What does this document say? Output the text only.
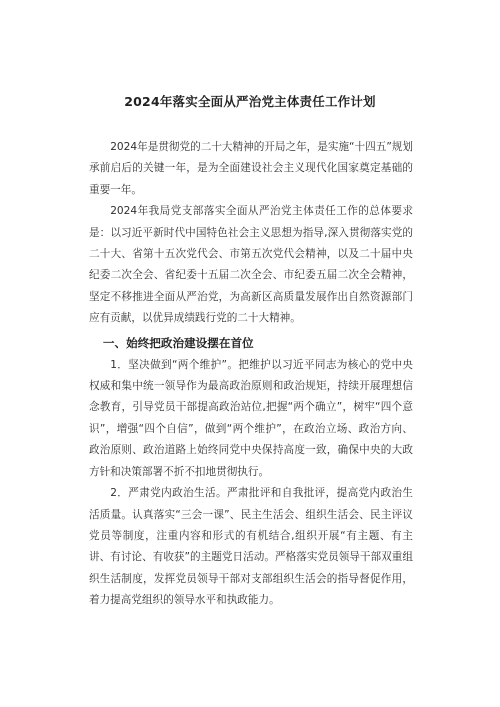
2024年落实全面从严治党主体责任工作计划

2024年是贯彻党的二十大精神的开局之年，是实施“十四五”规划承前启后的关键一年，是为全面建设社会主义现代化国家奠定基础的重要一年。

2024年我局党支部落实全面从严治党主体责任工作的总体要求是：以习近平新时代中国特色社会主义思想为指导,深入贯彻落实党的二十大、省第十五次党代会、市第五次党代会精神，以及二十届中央纪委二次全会、省纪委十五届二次全会、市纪委五届二次全会精神，坚定不移推进全面从严治党，为高新区高质量发展作出自然资源部门应有贡献，以优异成绩践行党的二十大精神。

一、始终把政治建设摆在首位

1．坚决做到“两个维护”。把维护以习近平同志为核心的党中央权威和集中统一领导作为最高政治原则和政治规矩，持续开展理想信念教育，引导党员干部提高政治站位,把握“两个确立”，树牢“四个意识”，增强“四个自信”，做到“两个维护”，在政治立场、政治方向、政治原则、政治道路上始终同党中央保持高度一致，确保中央的大政方针和决策部署不折不扣地贯彻执行。

2．严肃党内政治生活。严肃批评和自我批评，提高党内政治生活质量。认真落实“三会一课”、民主生活会、组织生活会、民主评议党员等制度，注重内容和形式的有机结合,组织开展“有主题、有主讲、有讨论、有收获”的主题党日活动。严格落实党员领导干部双重组织生活制度，发挥党员领导干部对支部组织生活会的指导督促作用，着力提高党组织的领导水平和执政能力。
